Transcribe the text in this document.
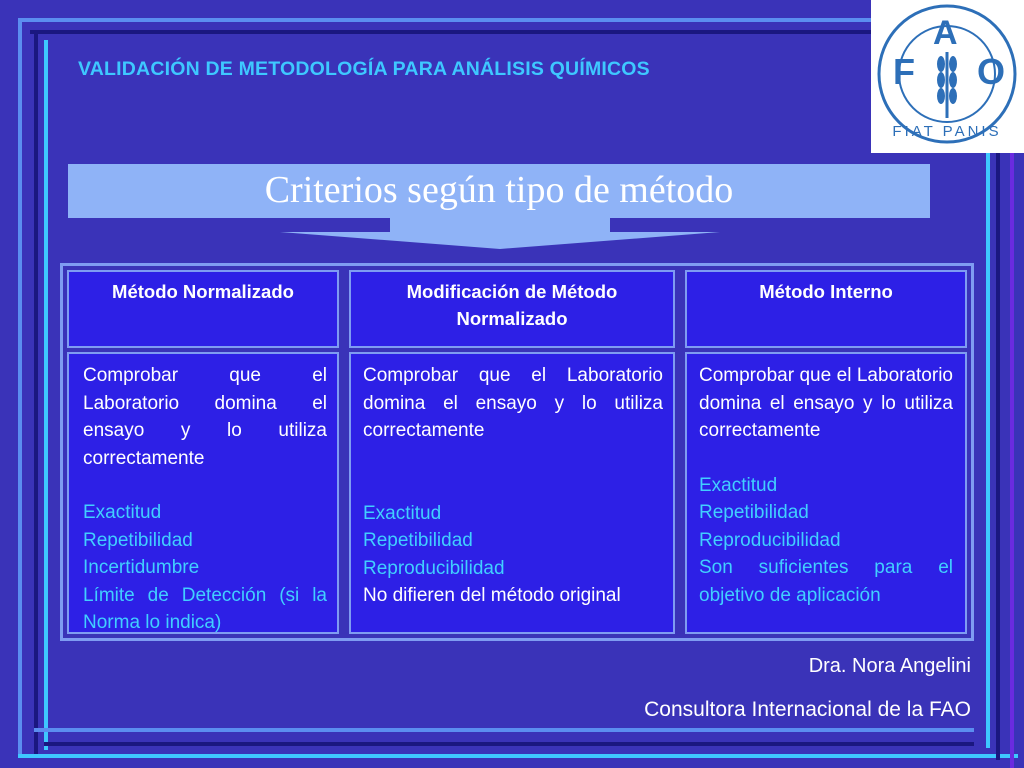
VALIDACIÓN DE METODOLOGÍA PARA ANÁLISIS QUÍMICOS	F
A
O
FIAT PANIS
Criterios según tipo de método
Método Normalizado	Modificación de Método Normalizado
Método Interno
Comprobar que el Laboratorio domina el ensayo y lo utiliza correctamente
Exactitud
Repetibilidad
Incertidumbre
Límite de Detección (si la Norma lo indica)
Comprobar que el Laboratorio domina el ensayo y lo utiliza correctamente
Exactitud
Repetibilidad
Reproducibilidad
No difieren del método original
Comprobar que el Laboratorio domina el ensayo y lo utiliza correctamente
Exactitud
Repetibilidad
Reproducibilidad
Son suficientes para el objetivo de aplicación
Dra. Nora Angelini
Consultora Internacional de la FAO
